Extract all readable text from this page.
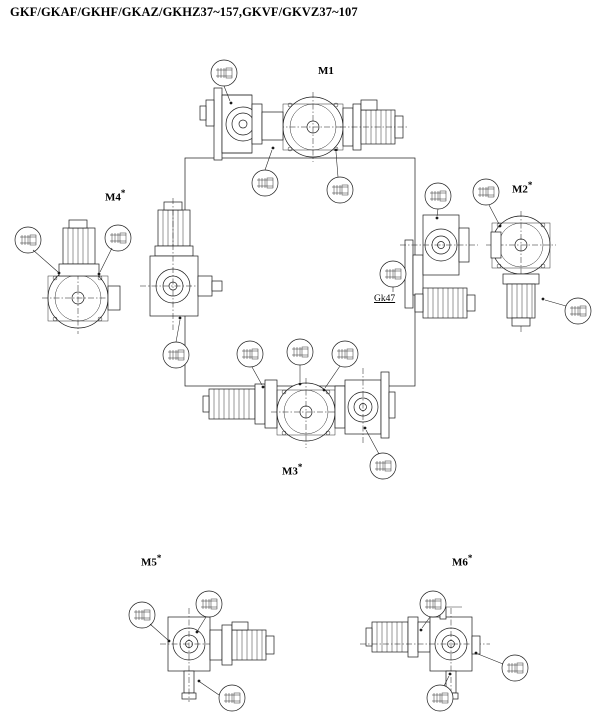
GKF/GKAF/GKHF/GKAZ/GKHZ37~157,GKVF/GKVZ37~107
M1
M2*
M3*
M4*
M5*	M6*
Gk47
